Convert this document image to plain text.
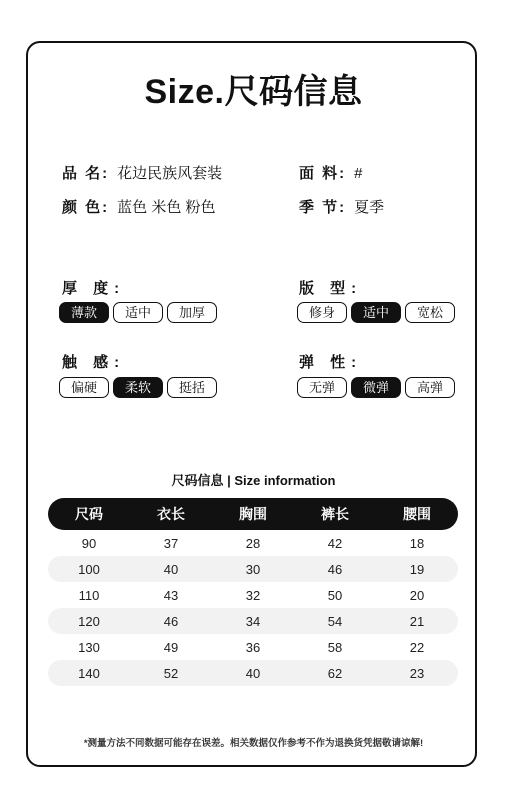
Size.尺码信息
品 名: 花边民族风套装	面 料: #
颜 色: 蓝色 米色 粉色	季 节: 夏季
厚 度:
薄款	适中	加厚
版 型:
修身	适中	宽松
触 感:
偏硬	柔软	挺括
弹 性:
无弹	微弹	高弹
尺码信息 | Size information
尺码	衣长	胸围	裤长	腰围
90	37	28	42	18
100	40	30	46	19
110	43	32	50	20
120	46	34	54	21
130	49	36	58	22
140	52	40	62	23
*测量方法不同数据可能存在误差。相关数据仅作参考不作为退换货凭据敬请谅解!
